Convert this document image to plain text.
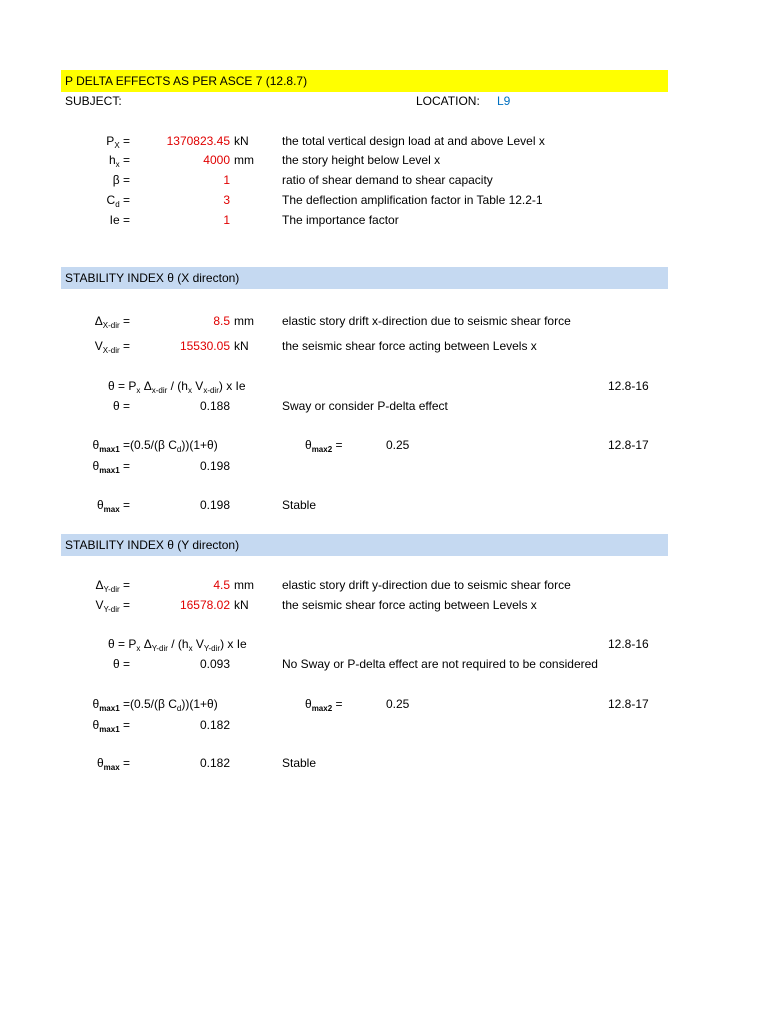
P DELTA EFFECTS AS PER ASCE 7 (12.8.7)
SUBJECT:	LOCATION: L9
$P_X$ =	1370823.45 kN	the total vertical design load at and above Level x
$h_x$ =	4000 mm the story height below Level x
β =	1	ratio of shear demand to shear capacity
$C_d$ =	3	The deflection amplification factor in Table 12.2-1
Ie =	1	The importance factor
STABILITY INDEX θ (X directon)
$\Delta_{X-dir}$ =	8.5 mm elastic story drift x-direction due to seismic shear force
$V_{X-dir}$ =	15530.05 kN	the seismic shear force acting between Levels x
$\theta = P_x$ $\Delta_{x-dir} / (h_x$ $V_{x-dir}$) x Ie	12.8-16
θ =	0.188	Sway or consider P-delta effect
$\theta_{max1} = (0.5/(\beta$ $C_d))(1+\theta)$	$\theta_{max2}$ =	0.25	12.8-17
$\theta_{max1}$ =	0.198
$\theta_{max}$ =	0.198	Stable
STABILITY INDEX θ (Y directon)
$\Delta_{Y-dir}$ =	4.5 mm elastic story drift y-direction due to seismic shear force
$V_{Y-dir}$ =	16578.02 kN	the seismic shear force acting between Levels x
$\theta = P_x$ $\Delta_{Y-dir} / (h_x$ $V_{Y-dir}$) x Ie	12.8-16
θ =	0.093	No Sway or P-delta effect are not required to be considered
$\theta_{max1} = (0.5/(\beta$ $C_d))(1+\theta)$	$\theta_{max2}$ =	0.25	12.8-17
$\theta_{max1}$ =	0.182
$\theta_{max}$ =	0.182	Stable
